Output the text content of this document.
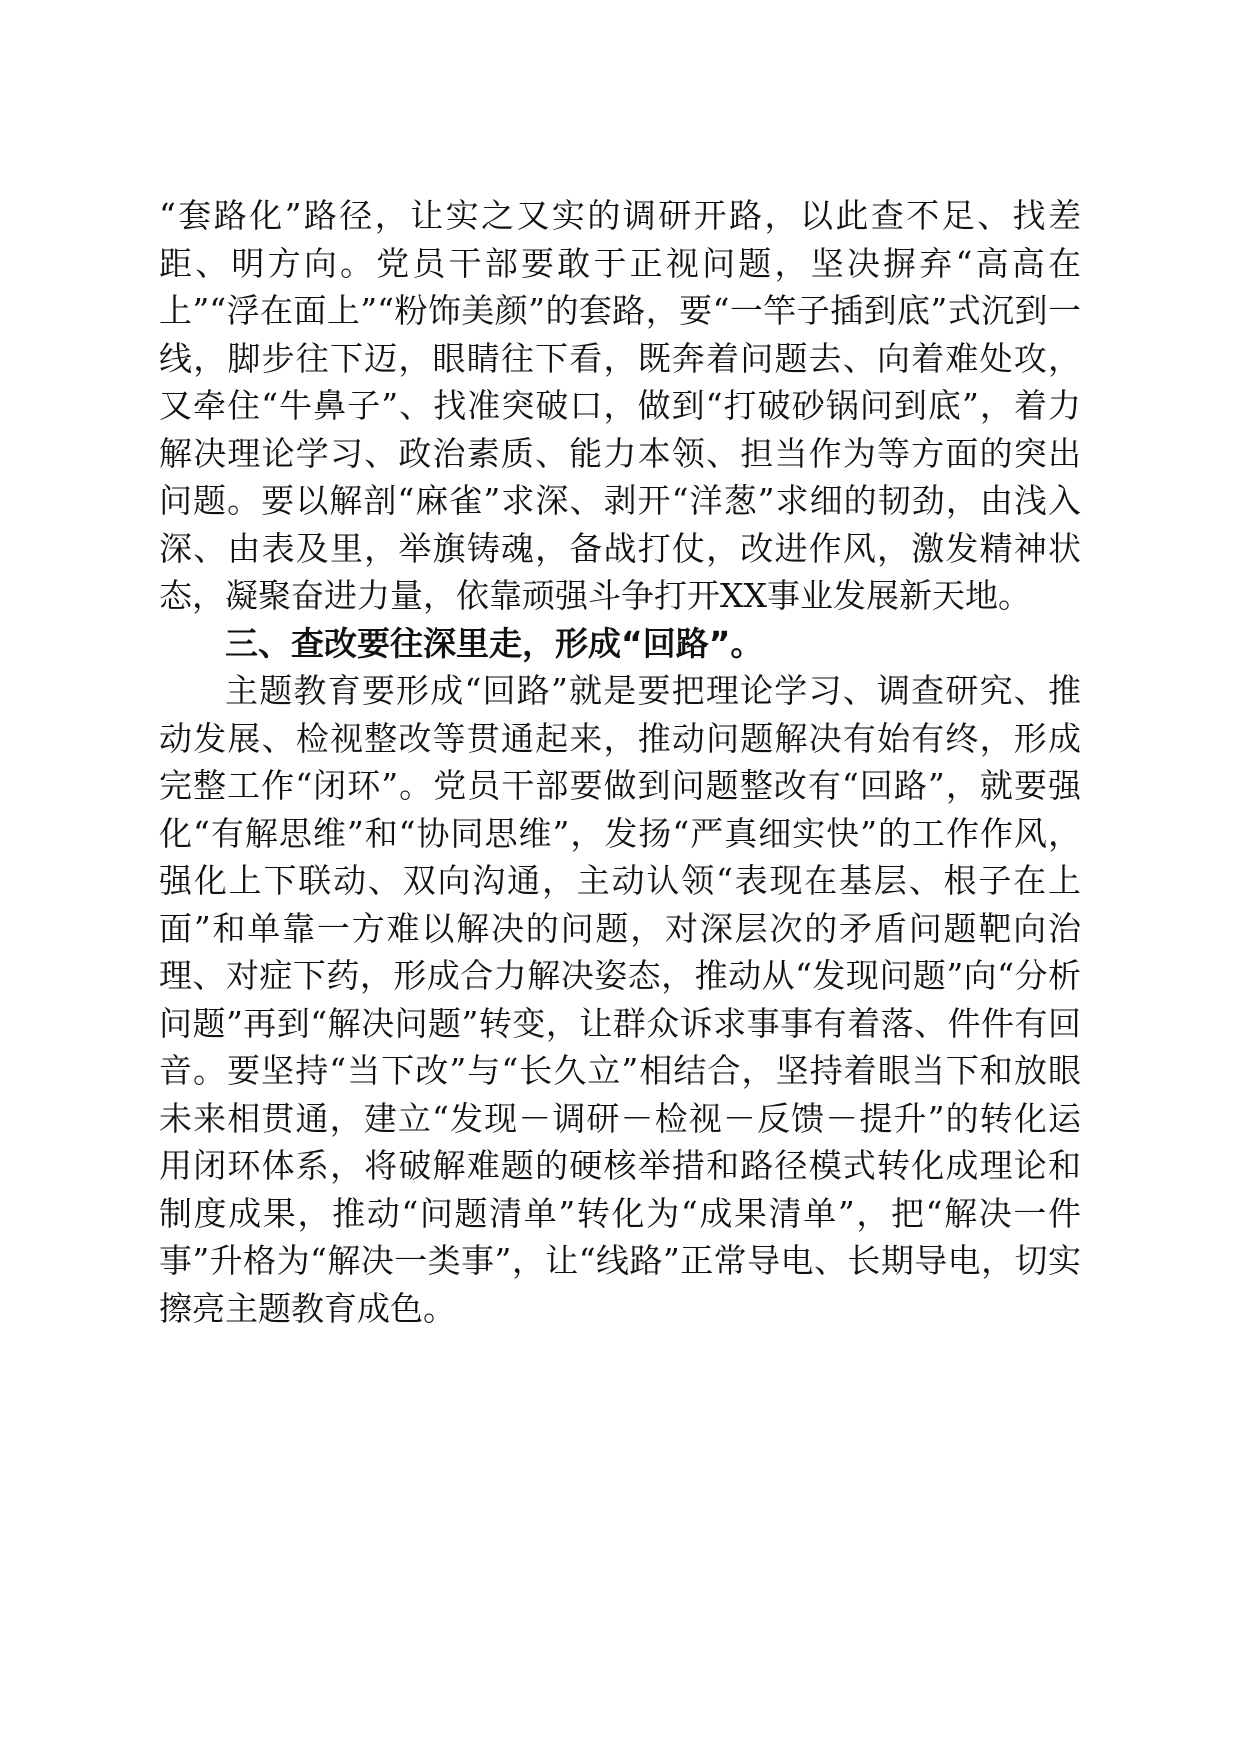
“套路化”路径，让实之又实的调研开路，以此查不足、找差距、明方向。党员干部要敢于正视问题，坚决摒弃“高高在上”“浮在面上”“粉饰美颜”的套路，要“一竿子插到底”式沉到一线，脚步往下迈，眼睛往下看，既奔着问题去、向着难处攻，又牵住“牛鼻子”、找准突破口，做到“打破砂锅问到底”，着力解决理论学习、政治素质、能力本领、担当作为等方面的突出问题。要以解剖“麻雀”求深、剥开“洋葱”求细的韧劲，由浅入深、由表及里，举旗铸魂，备战打仗，改进作风，激发精神状态，凝聚奋进力量，依靠顽强斗争打开XX事业发展新天地。

三、查改要往深里走，形成“回路”。

主题教育要形成“回路”就是要把理论学习、调查研究、推动发展、检视整改等贯通起来，推动问题解决有始有终，形成完整工作“闭环”。党员干部要做到问题整改有“回路”，就要强化“有解思维”和“协同思维”，发扬“严真细实快”的工作作风，强化上下联动、双向沟通，主动认领“表现在基层、根子在上面”和单靠一方难以解决的问题，对深层次的矛盾问题靶向治理、对症下药，形成合力解决姿态，推动从“发现问题”向“分析问题”再到“解决问题”转变，让群众诉求事事有着落、件件有回音。要坚持“当下改”与“长久立”相结合，坚持着眼当下和放眼未来相贯通，建立“发现－调研－检视－反馈－提升”的转化运用闭环体系，将破解难题的硬核举措和路径模式转化成理论和制度成果，推动“问题清单”转化为“成果清单”，把“解决一件事”升格为“解决一类事”，让“线路”正常导电、长期导电，切实擦亮主题教育成色。
